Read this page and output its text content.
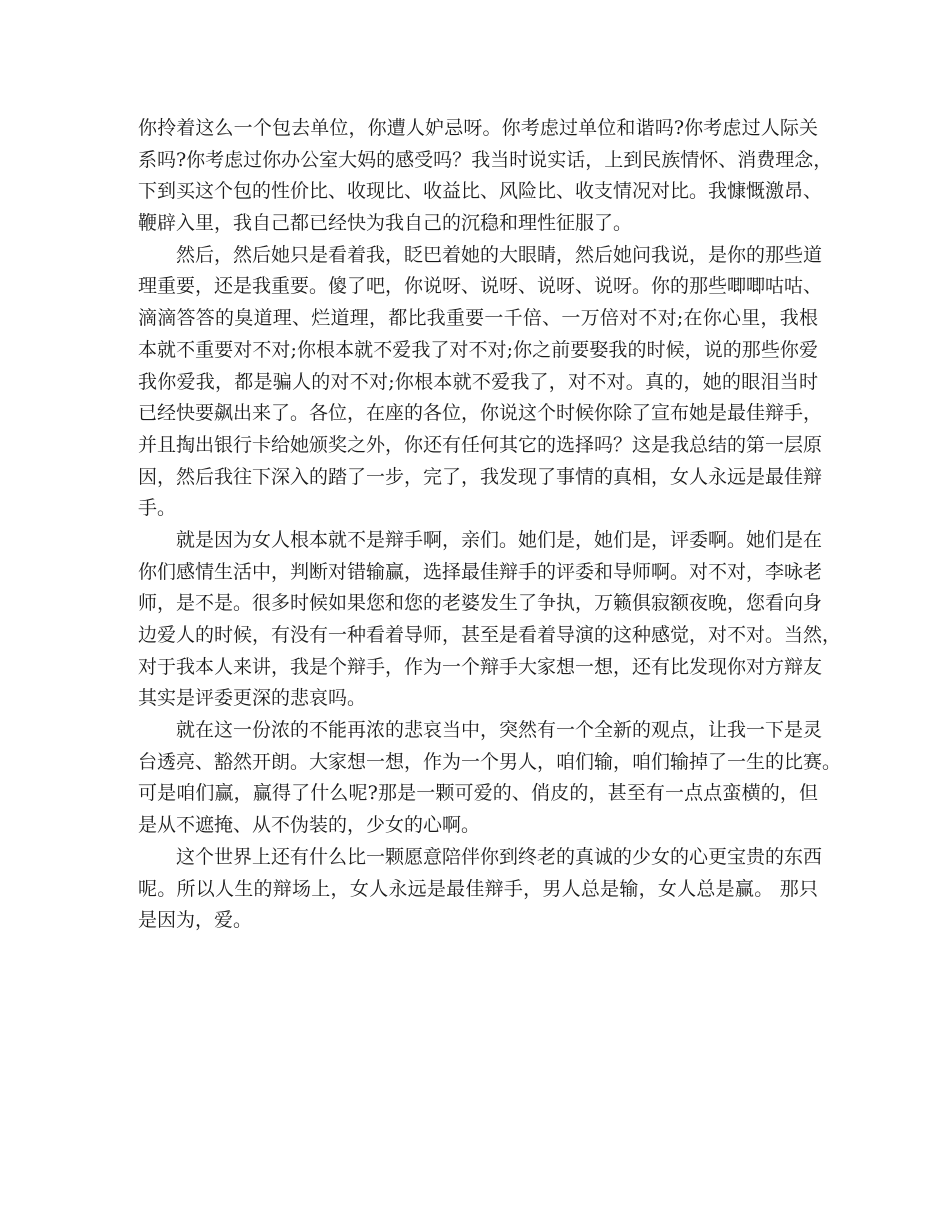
你拎着这么一个包去单位，你遭人妒忌呀。你考虑过单位和谐吗?你考虑过人际关
系吗?你考虑过你办公室大妈的感受吗？我当时说实话，上到民族情怀、消费理念，
下到买这个包的性价比、收现比、收益比、风险比、收支情况对比。我慷慨激昂、
鞭辟入里，我自己都已经快为我自己的沉稳和理性征服了。
然后，然后她只是看着我，眨巴着她的大眼睛，然后她问我说，是你的那些道
理重要，还是我重要。傻了吧，你说呀、说呀、说呀、说呀。你的那些唧唧咕咕、
滴滴答答的臭道理、烂道理，都比我重要一千倍、一万倍对不对;在你心里，我根
本就不重要对不对;你根本就不爱我了对不对;你之前要娶我的时候，说的那些你爱
我你爱我，都是骗人的对不对;你根本就不爱我了，对不对。真的，她的眼泪当时
已经快要飙出来了。各位，在座的各位，你说这个时候你除了宣布她是最佳辩手，
并且掏出银行卡给她颁奖之外，你还有任何其它的选择吗？这是我总结的第一层原
因，然后我往下深入的踏了一步，完了，我发现了事情的真相，女人永远是最佳辩
手。
就是因为女人根本就不是辩手啊，亲们。她们是，她们是，评委啊。她们是在
你们感情生活中，判断对错输赢，选择最佳辩手的评委和导师啊。对不对，李咏老
师，是不是。很多时候如果您和您的老婆发生了争执，万籁俱寂额夜晚，您看向身
边爱人的时候，有没有一种看着导师，甚至是看着导演的这种感觉，对不对。当然，
对于我本人来讲，我是个辩手，作为一个辩手大家想一想，还有比发现你对方辩友
其实是评委更深的悲哀吗。
就在这一份浓的不能再浓的悲哀当中，突然有一个全新的观点，让我一下是灵
台透亮、豁然开朗。大家想一想，作为一个男人，咱们输，咱们输掉了一生的比赛。
可是咱们赢，赢得了什么呢?那是一颗可爱的、俏皮的，甚至有一点点蛮横的，但
是从不遮掩、从不伪装的，少女的心啊。
这个世界上还有什么比一颗愿意陪伴你到终老的真诚的少女的心更宝贵的东西
呢。所以人生的辩场上，女人永远是最佳辩手，男人总是输，女人总是赢。 那只
是因为，爱。
